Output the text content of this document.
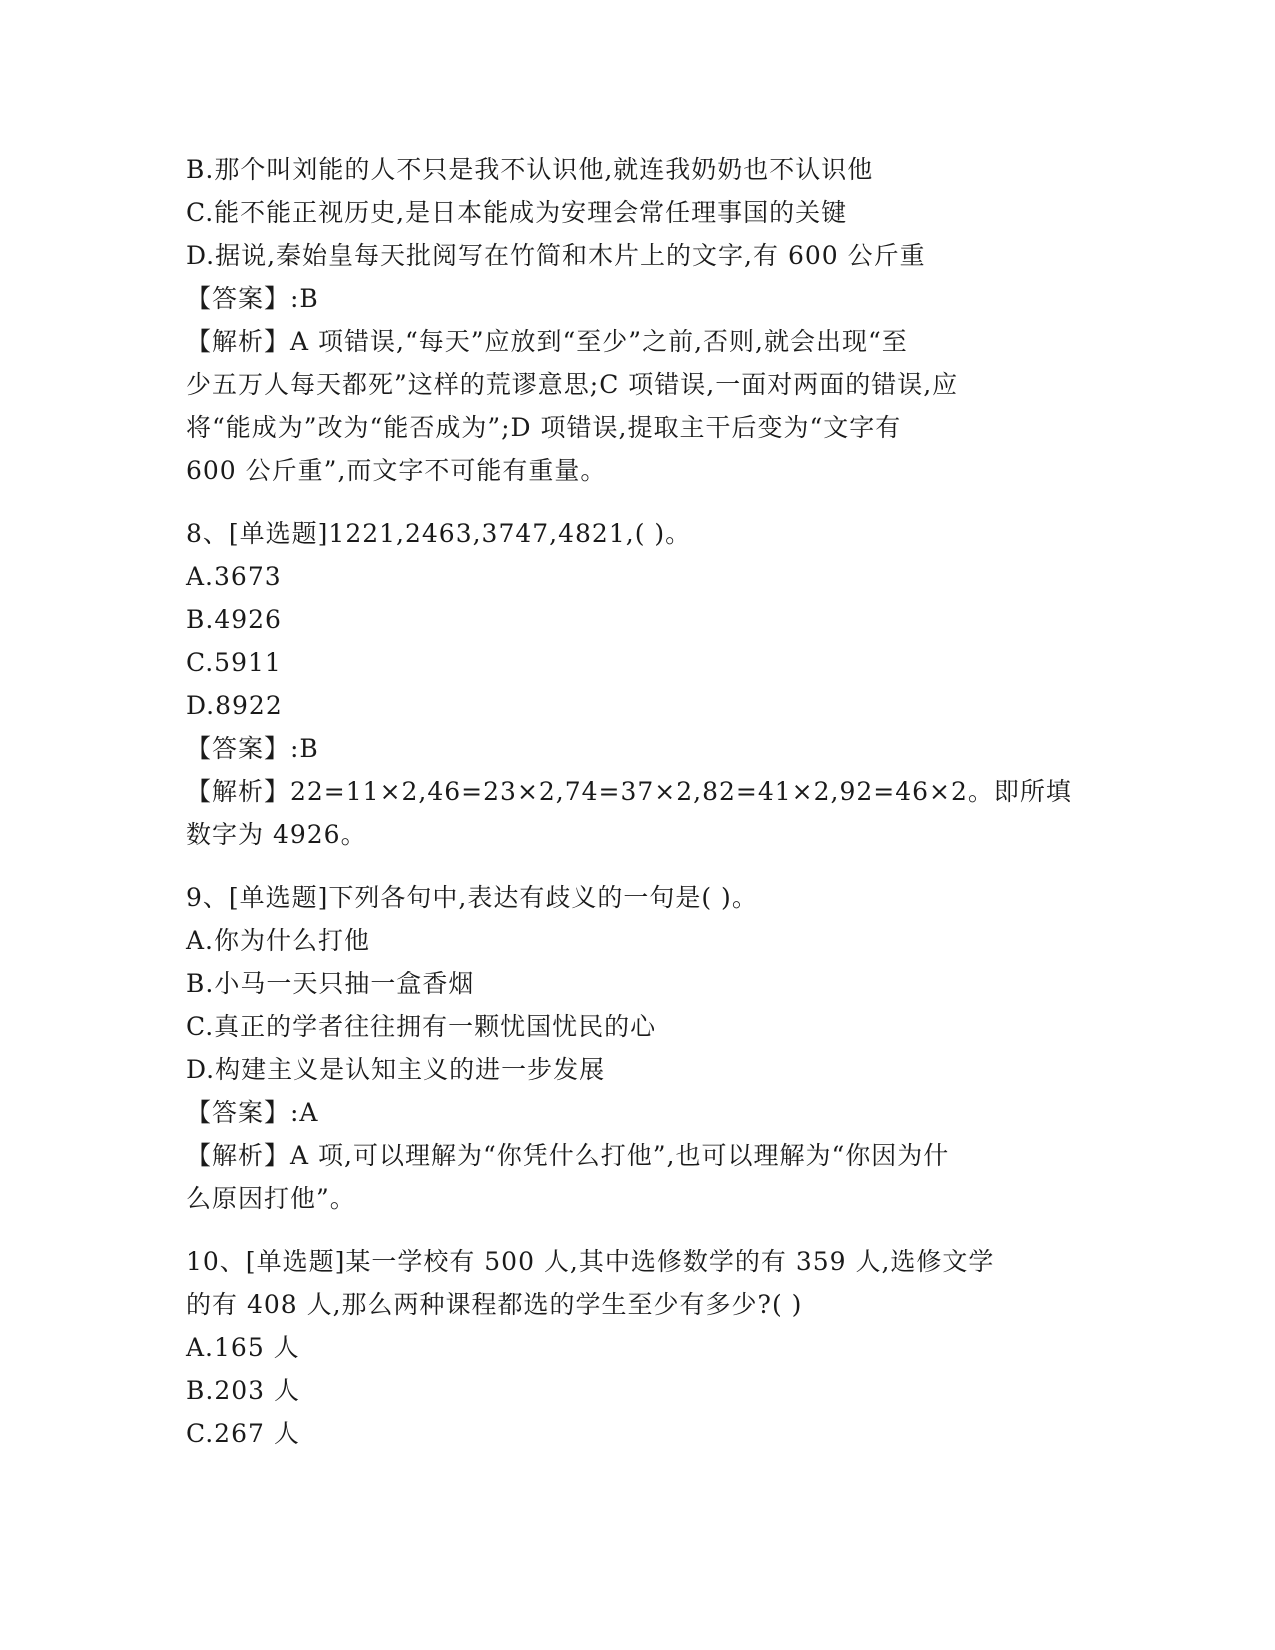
B.那个叫刘能的人不只是我不认识他,就连我奶奶也不认识他
C.能不能正视历史,是日本能成为安理会常任理事国的关键
D.据说,秦始皇每天批阅写在竹简和木片上的文字,有 600 公斤重
【答案】:B
【解析】A 项错误,“每天”应放到“至少”之前,否则,就会出现“至
少五万人每天都死”这样的荒谬意思;C 项错误,一面对两面的错误,应
将“能成为”改为“能否成为”;D 项错误,提取主干后变为“文字有
600 公斤重”,而文字不可能有重量。
8、[单选题]1221,2463,3747,4821,( )。
A.3673
B.4926
C.5911
D.8922
【答案】:B
【解析】22=11×2,46=23×2,74=37×2,82=41×2,92=46×2。即所填
数字为 4926。
9、[单选题]下列各句中,表达有歧义的一句是( )。
A.你为什么打他
B.小马一天只抽一盒香烟
C.真正的学者往往拥有一颗忧国忧民的心
D.构建主义是认知主义的进一步发展
【答案】:A
【解析】A 项,可以理解为“你凭什么打他”,也可以理解为“你因为什
么原因打他”。
10、[单选题]某一学校有 500 人,其中选修数学的有 359 人,选修文学
的有 408 人,那么两种课程都选的学生至少有多少?( )
A.165 人
B.203 人
C.267 人
